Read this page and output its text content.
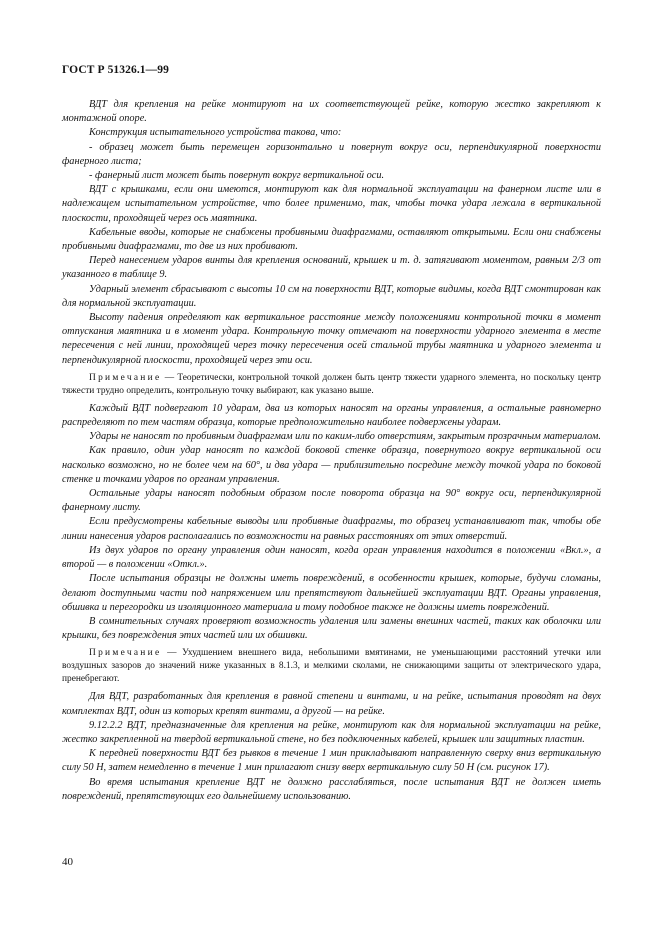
ГОСТ Р 51326.1—99

ВДТ для крепления на рейке монтируют на их соответствующей рейке, которую жестко закрепляют к монтажной опоре.

Конструкция испытательного устройства такова, что:

- образец может быть перемещен горизонтально и повернут вокруг оси, перпендикулярной поверхности фанерного листа;

- фанерный лист может быть повернут вокруг вертикальной оси.

ВДТ с крышками, если они имеются, монтируют как для нормальной эксплуатации на фанерном листе или в надлежащем испытательном устройстве, что более применимо, так, чтобы точка удара лежала в вертикальной плоскости, проходящей через ось маятника.

Кабельные вводы, которые не снабжены пробивными диафрагмами, оставляют открытыми. Если они снабжены пробивными диафрагмами, то две из них пробивают.

Перед нанесением ударов винты для крепления оснований, крышек и т. д. затягивают моментом, равным 2/3 от указанного в таблице 9.

Ударный элемент сбрасывают с высоты 10 см на поверхности ВДТ, которые видимы, когда ВДТ смонтирован как для нормальной эксплуатации.

Высоту падения определяют как вертикальное расстояние между положениями контрольной точки в момент отпускания маятника и в момент удара. Контрольную точку отмечают на поверхности ударного элемента в месте пересечения с ней линии, проходящей через точку пересечения осей стальной трубы маятника и ударного элемента и перпендикулярной плоскости, проходящей через эти оси.

Примечание — Теоретически, контрольной точкой должен быть центр тяжести ударного элемента, но поскольку центр тяжести трудно определить, контрольную точку выбирают, как указано выше.

Каждый ВДТ подвергают 10 ударам, два из которых наносят на органы управления, а остальные равномерно распределяют по тем частям образца, которые предположительно наиболее подвержены ударам.

Удары не наносят по пробивным диафрагмам или по каким-либо отверстиям, закрытым прозрачным материалом.

Как правило, один удар наносят по каждой боковой стенке образца, повернутого вокруг вертикальной оси насколько возможно, но не более чем на 60°, и два удара — приблизительно посредине между точкой удара по боковой стенке и точками ударов по органам управления.

Остальные удары наносят подобным образом после поворота образца на 90° вокруг оси, перпендикулярной фанерному листу.

Если предусмотрены кабельные выводы или пробивные диафрагмы, то образец устанавливают так, чтобы обе линии нанесения ударов располагались по возможности на равных расстояниях от этих отверстий.

Из двух ударов по органу управления один наносят, когда орган управления находится в положении «Вкл.», а второй — в положении «Откл.».

После испытания образцы не должны иметь повреждений, в особенности крышек, которые, будучи сломаны, делают доступными части под напряжением или препятствуют дальнейшей эксплуатации ВДТ. Органы управления, обшивка и перегородки из изоляционного материала и тому подобное также не должны иметь повреждений.

В сомнительных случаях проверяют возможность удаления или замены внешних частей, таких как оболочки или крышки, без повреждения этих частей или их обшивки.

Примечание — Ухудшением внешнего вида, небольшими вмятинами, не уменьшающими расстояний утечки или воздушных зазоров до значений ниже указанных в 8.1.3, и мелкими сколами, не снижающими защиты от электрического удара, пренебрегают.

Для ВДТ, разработанных для крепления в равной степени и винтами, и на рейке, испытания проводят на двух комплектах ВДТ, один из которых крепят винтами, а другой — на рейке.

9.12.2.2 ВДТ, предназначенные для крепления на рейке, монтируют как для нормальной эксплуатации на рейке, жестко закрепленной на твердой вертикальной стене, но без подключенных кабелей, крышек или защитных пластин.

К передней поверхности ВДТ без рывков в течение 1 мин прикладывают направленную сверху вниз вертикальную силу 50 Н, затем немедленно в течение 1 мин прилагают снизу вверх вертикальную силу 50 Н (см. рисунок 17).

Во время испытания крепление ВДТ не должно расслабляться, после испытания ВДТ не должен иметь повреждений, препятствующих его дальнейшему использованию.

40
